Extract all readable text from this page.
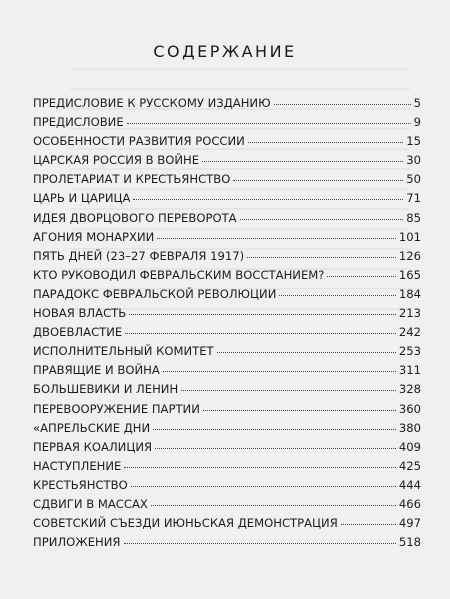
СОДЕРЖАНИЕ
ПРЕДИСЛОВИЕ К РУССКОМУ ИЗДАНИЮ	5
ПРЕДИСЛОВИЕ	9
ОСОБЕННОСТИ РАЗВИТИЯ РОССИИ	15
ЦАРСКАЯ РОССИЯ В ВОЙНЕ	30
ПРОЛЕТАРИАТ И КРЕСТЬЯНСТВО	50
ЦАРЬ И ЦАРИЦА	71
ИДЕЯ ДВОРЦОВОГО ПЕРЕВОРОТА	85
АГОНИЯ МОНАРХИИ	101
ПЯТЬ ДНЕЙ (23–27 ФЕВРАЛЯ 1917)	126
КТО РУКОВОДИЛ ФЕВРАЛЬСКИМ ВОССТАНИЕМ?	165
ПАРАДОКС ФЕВРАЛЬСКОЙ РЕВОЛЮЦИИ	184
НОВАЯ ВЛАСТЬ	213
ДВОЕВЛАСТИЕ	242
ИСПОЛНИТЕЛЬНЫЙ КОМИТЕТ	253
ПРАВЯЩИЕ И ВОЙНА	311
БОЛЬШЕВИКИ И ЛЕНИН	328
ПЕРЕВООРУЖЕНИЕ ПАРТИИ	360
«АПРЕЛЬСКИЕ ДНИ	380
ПЕРВАЯ КОАЛИЦИЯ	409
НАСТУПЛЕНИЕ	425
КРЕСТЬЯНСТВО	444
СДВИГИ В МАССАХ	466
СОВЕТСКИЙ СЪЕЗДИ ИЮНЬСКАЯ ДЕМОНСТРАЦИЯ	497
ПРИЛОЖЕНИЯ	518
